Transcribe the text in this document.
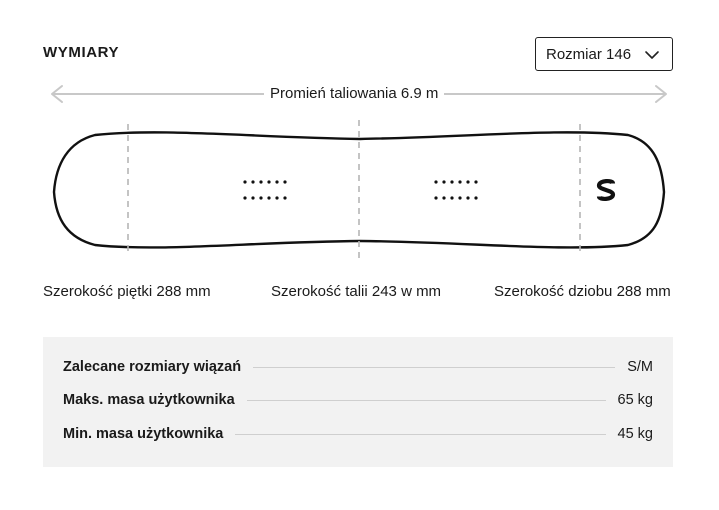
WYMIARY	Rozmiar 146
Promień taliowania 6.9 m
Szerokość piętki 288 mm	Szerokość talii 243 w mm	Szerokość dziobu 288 mm
Zalecane rozmiary wiązań	S/M
Maks. masa użytkownika	65 kg
Min. masa użytkownika	45 kg
